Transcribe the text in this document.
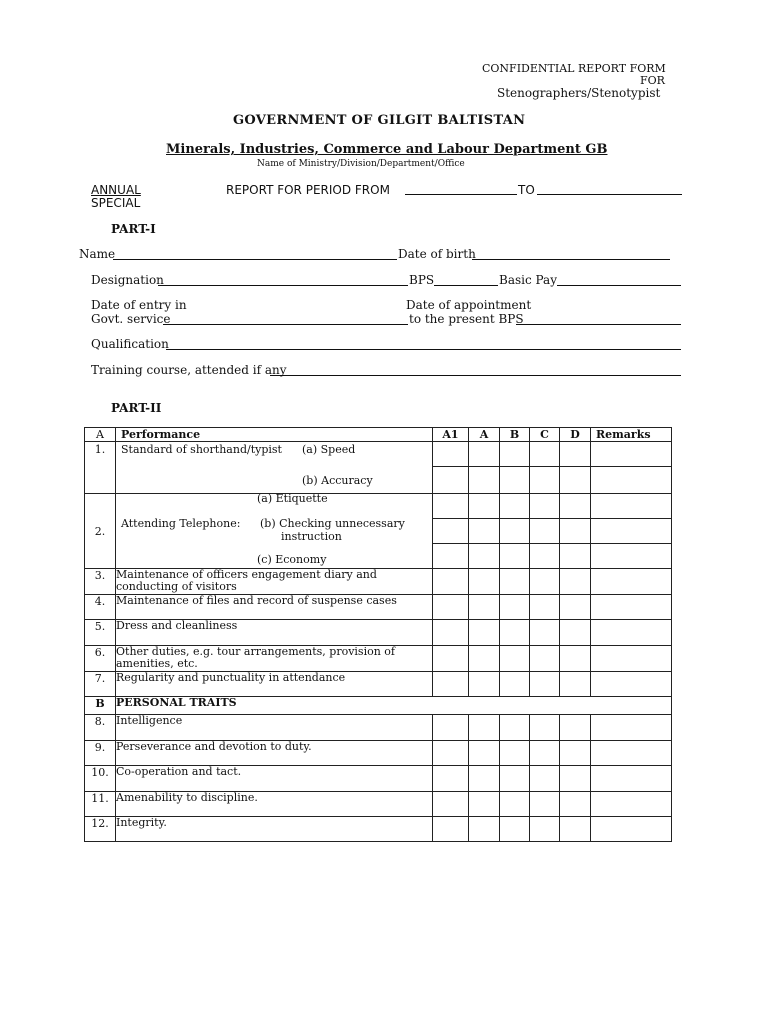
CONFIDENTIAL REPORT FORM
FOR
Stenographers/Stenotypist
GOVERNMENT OF GILGIT BALTISTAN
Minerals, Industries, Commerce and Labour Department GB
Name of Ministry/Division/Department/Office
ANNUAL
SPECIAL
REPORT FOR PERIOD FROM	TO
PART-I
Name	Date of birth
Designation	BPS	Basic Pay
Date of entry in
Govt. service
Date of appointment
to the present BPS
Qualification
Training course, attended if any
PART-II
A	Performance	A1	A	B	C	D	Remarks
1.	Standard of shorthand/typist (a) Speed
(b) Accuracy						

2.	(a) Etiquette
Attending Telephone: (b) Checking unnecessary
instruction
(c) Economy						

3.	Maintenance of officers engagement diary and
conducting of visitors						

4.	Maintenance of files and record of suspense cases						
5.	Dress and cleanliness						
6.	Other duties, e.g. tour arrangements, provision of
amenities, etc.						

7.	Regularity and punctuality in attendance						
B	PERSONAL TRAITS						
8.	Intelligence						
9.	Perseverance and devotion to duty.						
10.	Co-operation and tact.						
11.	Amenability to discipline.						
12.	Integrity.						
